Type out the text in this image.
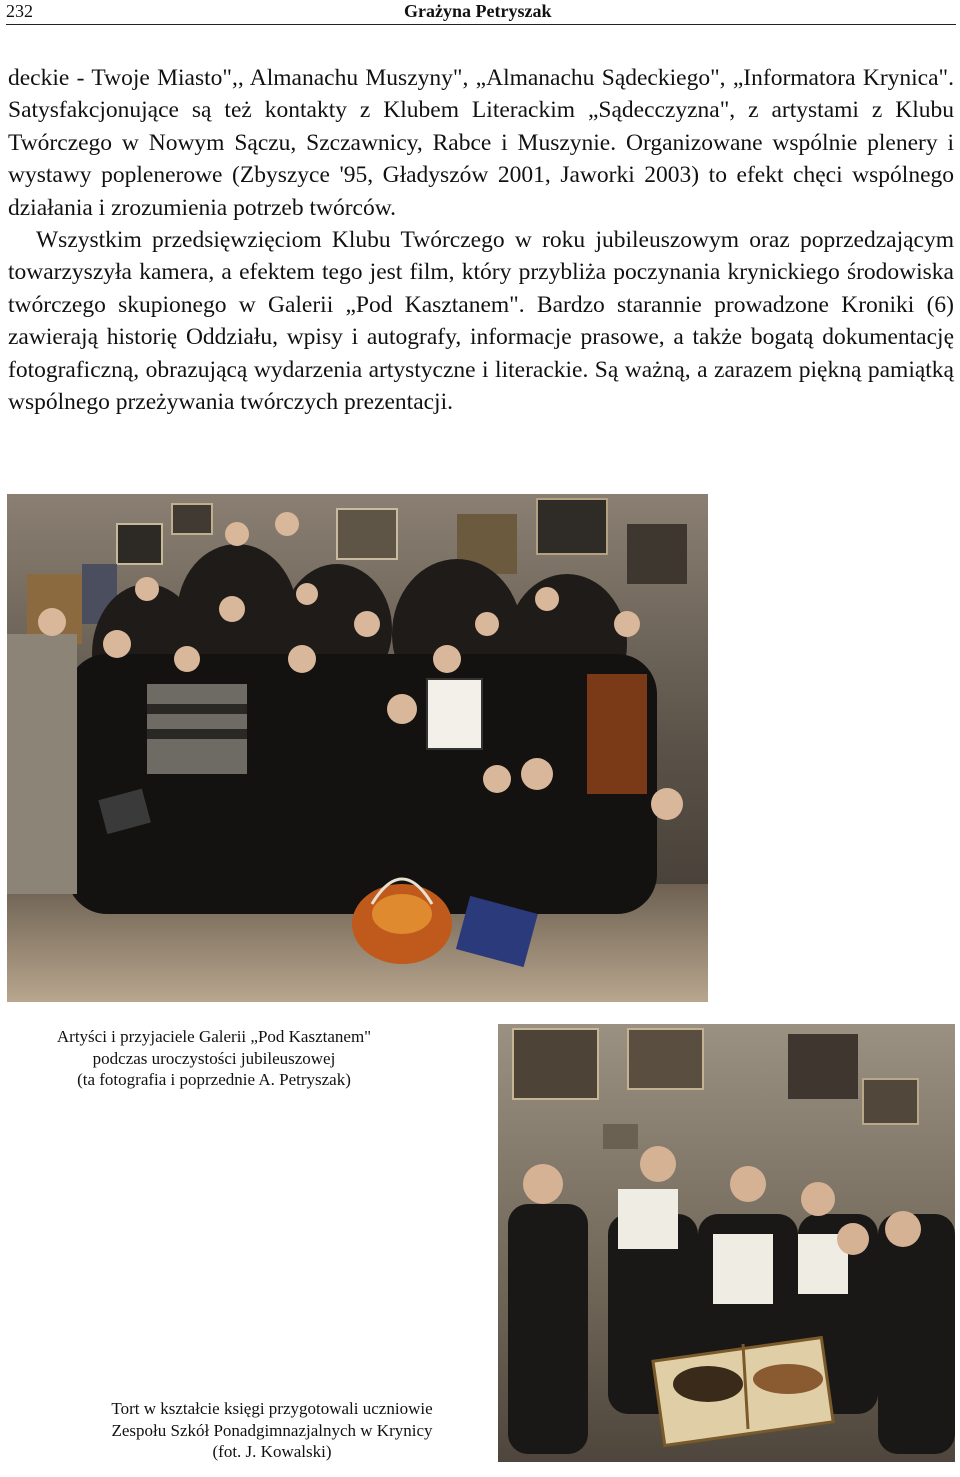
232	Grażyna Petryszak

deckie - Twoje Miasto",, Almanachu Muszyny", „Almanachu Sądeckiego", „Informatora Krynica". Satysfakcjonujące są też kontakty z Klubem Literackim „Sądecczyzna", z artystami z Klubu Twórczego w Nowym Sączu, Szczawnicy, Rabce i Muszynie. Organizowane wspólnie plenery i wystawy poplenerowe (Zbyszyce '95, Gładyszów 2001, Jaworki 2003) to efekt chęci wspólnego działania i zrozumienia potrzeb twórców.

Wszystkim przedsięwzięciom Klubu Twórczego w roku jubileuszowym oraz poprzedzającym towarzyszyła kamera, a efektem tego jest film, który przybliża poczynania krynickiego środowiska twórczego skupionego w Galerii „Pod Kasztanem". Bardzo starannie prowadzone Kroniki (6) zawierają historię Oddziału, wpisy i autografy, informacje prasowe, a także bogatą dokumentację fotograficzną, obrazującą wydarzenia artystyczne i literackie. Są ważną, a zarazem piękną pamiątką wspólnego przeżywania twórczych prezentacji.

Artyści i przyjaciele Galerii „Pod Kasztanem"
podczas uroczystości jubileuszowej
(ta fotografia i poprzednie A. Petryszak)
Tort w kształcie księgi przygotowali uczniowie
Zespołu Szkół Ponadgimnazjalnych w Krynicy
(fot. J. Kowalski)
